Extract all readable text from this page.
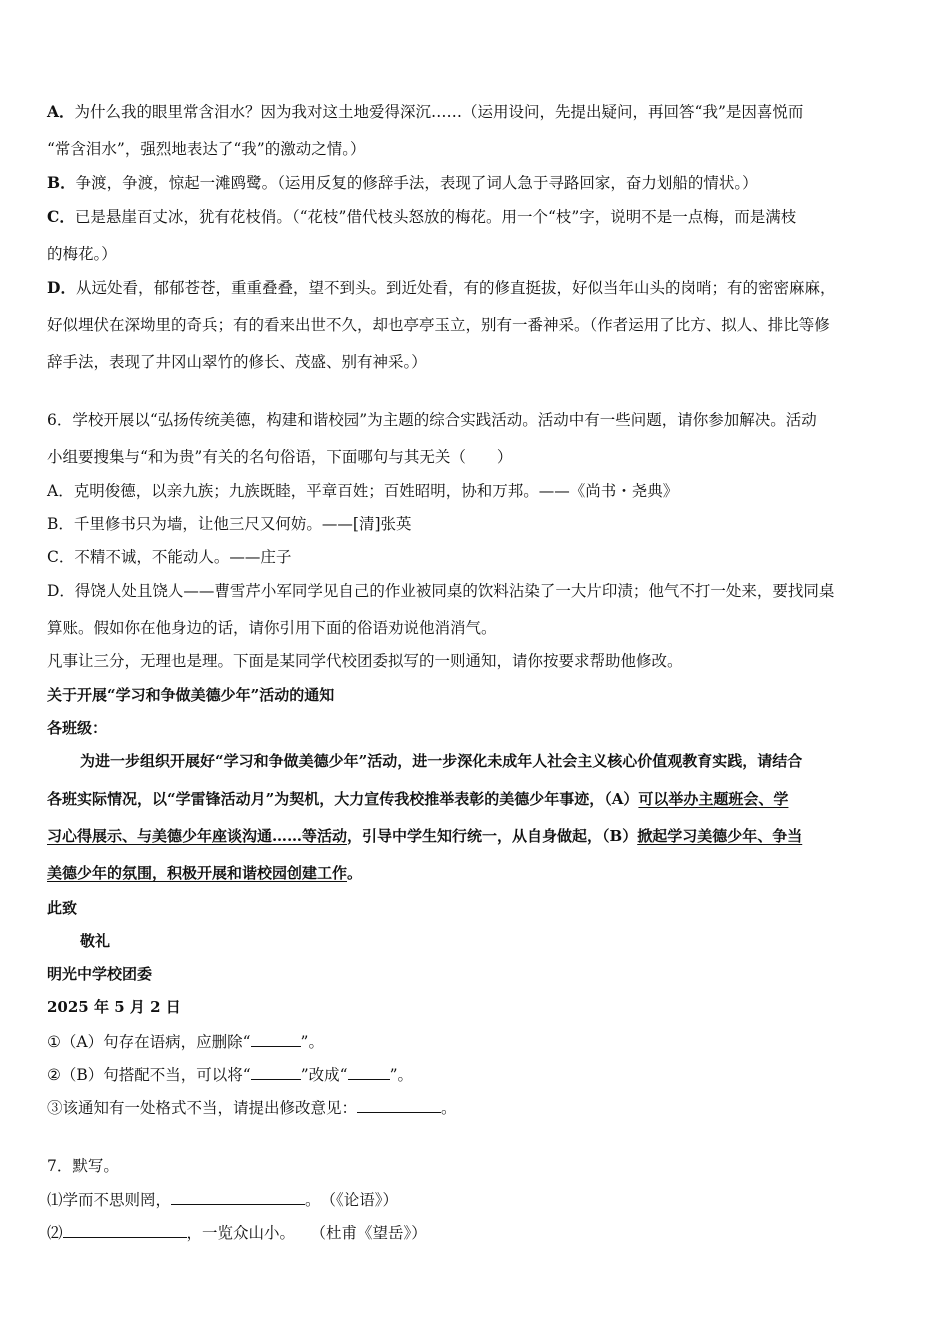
A．为什么我的眼里常含泪水？因为我对这土地爱得深沉……（运用设问，先提出疑问，再回答“我”是因喜悦而
“常含泪水”，强烈地表达了“我”的激动之情。）
B．争渡，争渡，惊起一滩鸥鹭。（运用反复的修辞手法，表现了词人急于寻路回家，奋力划船的情状。）
C．已是悬崖百丈冰，犹有花枝俏。（“花枝”借代枝头怒放的梅花。用一个“枝”字，说明不是一点梅，而是满枝
的梅花。）
D．从远处看，郁郁苍苍，重重叠叠，望不到头。到近处看，有的修直挺拔，好似当年山头的岗哨；有的密密麻麻，
好似埋伏在深坳里的奇兵；有的看来出世不久，却也亭亭玉立，别有一番神采。（作者运用了比方、拟人、排比等修
辞手法，表现了井冈山翠竹的修长、茂盛、别有神采。）
6．学校开展以“弘扬传统美德，构建和谐校园”为主题的综合实践活动。活动中有一些问题，请你参加解决。活动
小组要搜集与“和为贵”有关的名句俗语，下面哪句与其无关（　　）
A．克明俊德，以亲九族；九族既睦，平章百姓；百姓昭明，协和万邦。——《尚书・尧典》
B．千里修书只为墙，让他三尺又何妨。——[清]张英
C．不精不诚，不能动人。——庄子
D．得饶人处且饶人——曹雪芹小军同学见自己的作业被同桌的饮料沾染了一大片印渍；他气不打一处来，要找同桌
算账。假如你在他身边的话，请你引用下面的俗语劝说他消消气。
凡事让三分，无理也是理。下面是某同学代校团委拟写的一则通知，请你按要求帮助他修改。
关于开展“学习和争做美德少年”活动的通知
各班级：
为进一步组织开展好“学习和争做美德少年”活动，进一步深化未成年人社会主义核心价值观教育实践，请结合
各班实际情况，以“学雷锋活动月”为契机，大力宣传我校推举表彰的美德少年事迹，（A）可以举办主题班会、学
习心得展示、与美德少年座谈沟通……等活动，引导中学生知行统一，从自身做起，（B）掀起学习美德少年、争当
美德少年的氛围，积极开展和谐校园创建工作。
此致
敬礼
明光中学校团委
2025 年 5 月 2 日
①（A）句存在语病，应删除“	”。
②（B）句搭配不当，可以将“	”改成“	”。
③该通知有一处格式不当，请提出修改意见：	。
7．默写。
⑴学而不思则罔，	。　（《论语》）
⑵	，一览众山小。　　（杜甫《望岳》）
